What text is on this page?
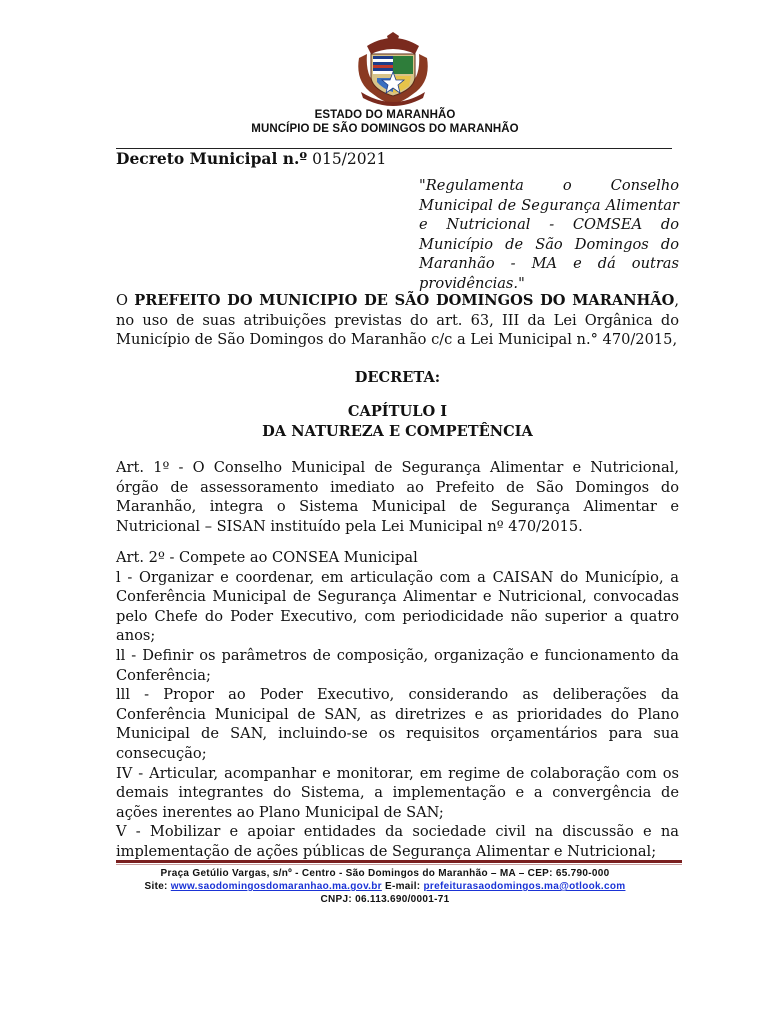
ESTADO DO MARANHÃO
MUNCÍPIO DE SÃO DOMINGOS DO MARANHÃO
Decreto Municipal n.º 015/2021
"Regulamenta o Conselho Municipal de Segurança Alimentar e Nutricional - COMSEA do Município de São Domingos do Maranhão - MA e dá outras providências."
O PREFEITO DO MUNICIPIO DE SÃO DOMINGOS DO MARANHÃO, no uso de suas atribuições previstas do art. 63, III da Lei Orgânica do Município de São Domingos do Maranhão c/c a Lei Municipal n.° 470/2015,
DECRETA:
CAPÍTULO I
DA NATUREZA E COMPETÊNCIA
Art. 1º - O Conselho Municipal de Segurança Alimentar e Nutricional, órgão de assessoramento imediato ao Prefeito de São Domingos do Maranhão, integra o Sistema Municipal de Segurança Alimentar e Nutricional – SISAN instituído pela Lei Municipal nº 470/2015.

Art. 2º - Compete ao CONSEA Municipal

l - Organizar e coordenar, em articulação com a CAISAN do Município, a Conferência Municipal de Segurança Alimentar e Nutricional, convocadas pelo Chefe do Poder Executivo, com periodicidade não superior a quatro anos;

ll - Definir os parâmetros de composição, organização e funcionamento da Conferência;

lll - Propor ao Poder Executivo, considerando as deliberações da Conferência Municipal de SAN, as diretrizes e as prioridades do Plano Municipal de SAN, incluindo-se os requisitos orçamentários para sua consecução;

IV - Articular, acompanhar e monitorar, em regime de colaboração com os demais integrantes do Sistema, a implementação e a convergência de ações inerentes ao Plano Municipal de SAN;

V - Mobilizar e apoiar entidades da sociedade civil na discussão e na implementação de ações públicas de Segurança Alimentar e Nutricional;

Praça Getúlio Vargas, s/nº - Centro - São Domingos do Maranhão – MA – CEP: 65.790-000
Site: www.saodomingosdomaranhao.ma.gov.br E-mail: prefeiturasaodomingos.ma@otlook.com
CNPJ: 06.113.690/0001-71
